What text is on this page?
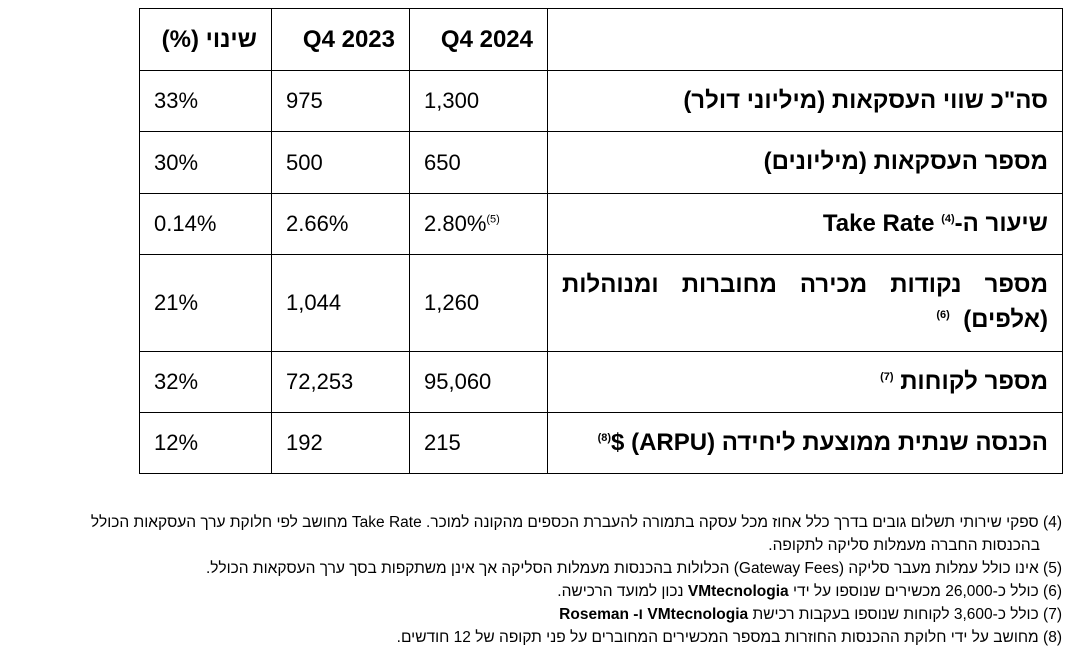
	Q4 2024	Q4 2023	שינוי (%)
סה"כ שווי העסקאות (מיליוני דולר)	1,300	975	33%
מספר העסקאות (מיליונים)	650	500	30%
שיעור ה-Take Rate $^{(4)}$	2.80%$^{(5)}$	2.66%	0.14%
מספר נקודות מכירה מחוברות ומנוהלות (אלפים)  $^{(6)}$	1,260	1,044	21%
מספר לקוחות $^{(7)}$	95,060	72,253	32%
הכנסה שנתית ממוצעת ליחידה (ARPU) \$$^{(8)}$	215	192	12%

(4) ספקי שירותי תשלום גובים בדרך כלל אחוז מכל עסקה בתמורה להעברת הכספים מהקונה למוכר. Take Rate מחושב לפי חלוקת ערך העסקאות הכולל
בהכנסות החברה מעמלות סליקה לתקופה.

(5) אינו כולל עמלות מעבר סליקה (Gateway Fees) הכלולות בהכנסות מעמלות הסליקה אך אינן משתקפות בסך ערך העסקאות הכולל.

(6) כולל כ-26,000 מכשירים שנוספו על ידי VMtecnologia נכון למועד הרכישה.

(7) כולל כ-3,600 לקוחות שנוספו בעקבות רכישת VMtecnologia ו- Roseman

(8) מחושב על ידי חלוקת ההכנסות החוזרות במספר המכשירים המחוברים על פני תקופה של 12 חודשים.
